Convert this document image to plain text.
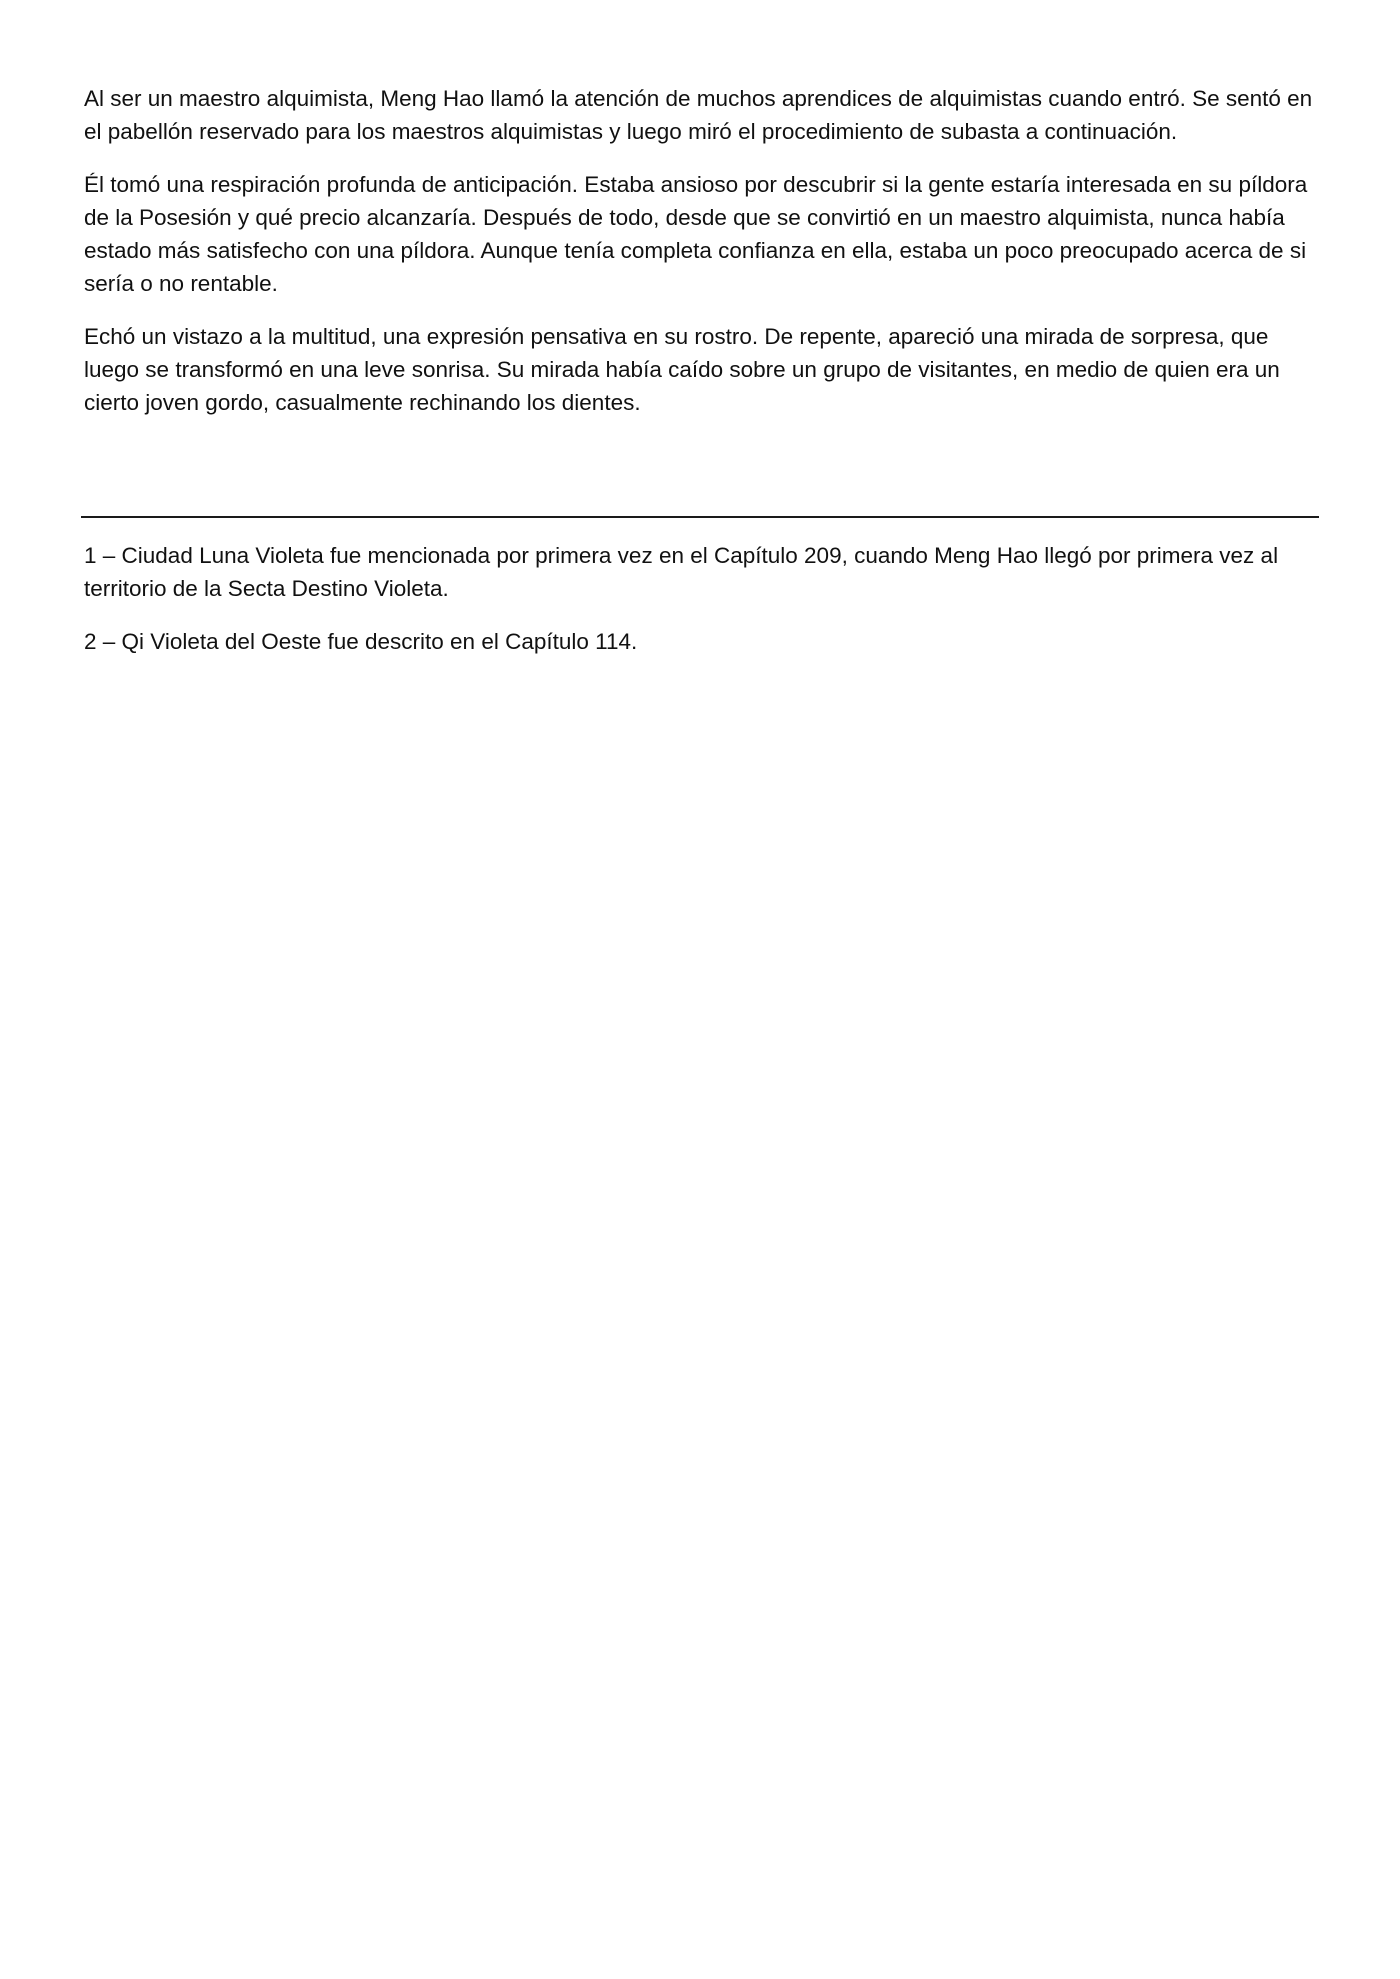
Al ser un maestro alquimista, Meng Hao llamó la atención de muchos aprendices de alquimistas cuando entró. Se sentó en el pabellón reservado para los maestros alquimistas y luego miró el procedimiento de subasta a continuación.

Él tomó una respiración profunda de anticipación. Estaba ansioso por descubrir si la gente estaría interesada en su píldora de la Posesión y qué precio alcanzaría. Después de todo, desde que se convirtió en un maestro alquimista, nunca había estado más satisfecho con una píldora. Aunque tenía completa confianza en ella, estaba un poco preocupado acerca de si sería o no rentable.

Echó un vistazo a la multitud, una expresión pensativa en su rostro. De repente, apareció una mirada de sorpresa, que luego se transformó en una leve sonrisa. Su mirada había caído sobre un grupo de visitantes, en medio de quien era un cierto joven gordo, casualmente rechinando los dientes.

1 – Ciudad Luna Violeta fue mencionada por primera vez en el Capítulo 209, cuando Meng Hao llegó por primera vez al territorio de la Secta Destino Violeta.

2 – Qi Violeta del Oeste fue descrito en el Capítulo 114.
